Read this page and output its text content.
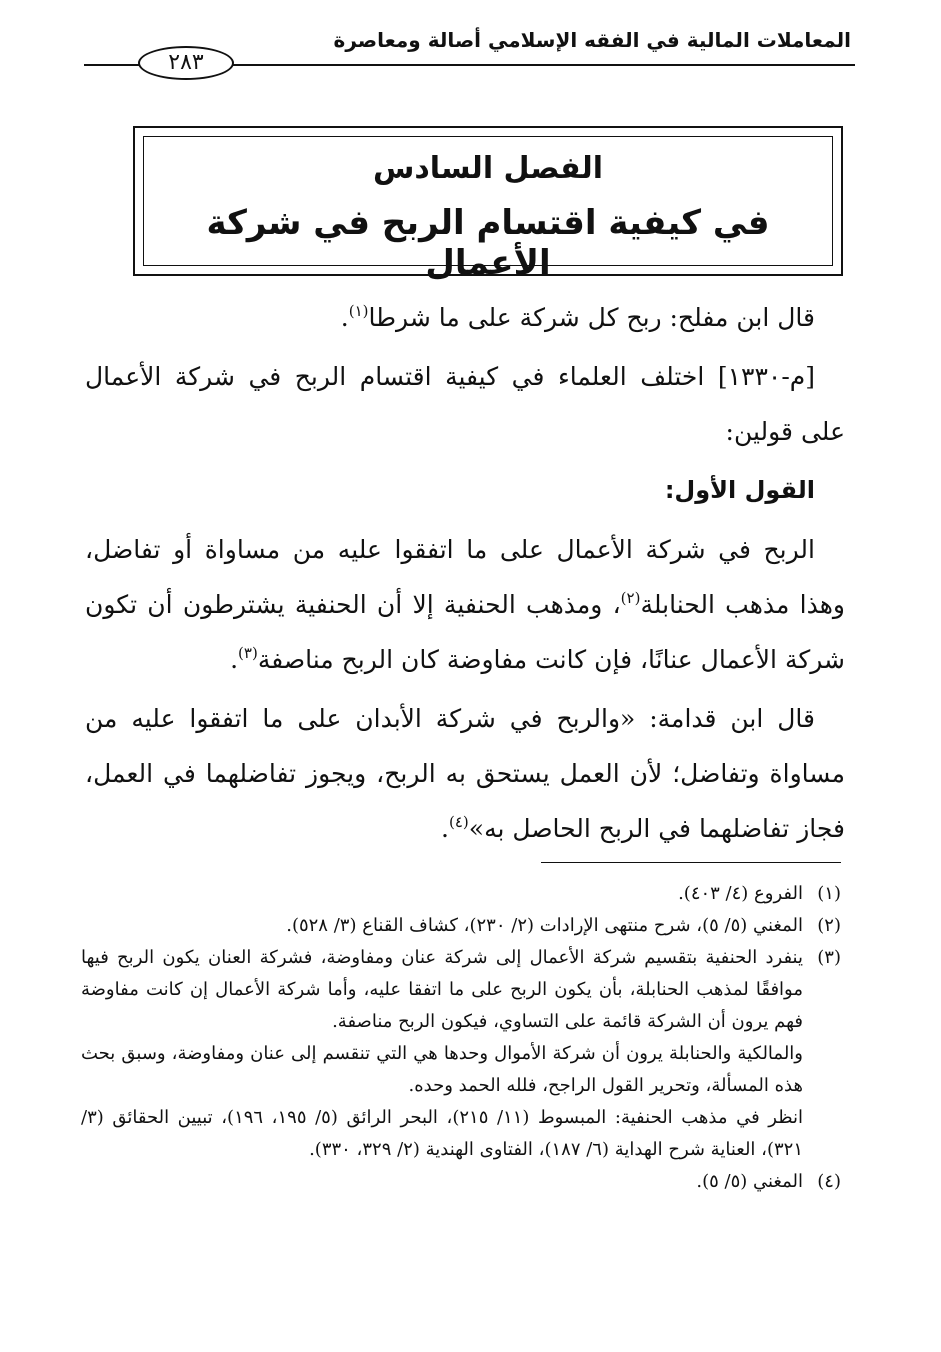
المعاملات المالية في الفقه الإسلامي أصالة ومعاصرة
٢٨٣
الفصل السادس
في كيفية اقتسام الربح في شركة الأعمال

قال ابن مفلح: ربح كل شركة على ما شرطا$^{(١)}$.

[م-١٣٣٠] اختلف العلماء في كيفية اقتسام الربح في شركة الأعمال على قولين:

القول الأول:

الربح في شركة الأعمال على ما اتفقوا عليه من مساواة أو تفاضل، وهذا مذهب الحنابلة$^{(٢)}$، ومذهب الحنفية إلا أن الحنفية يشترطون أن تكون شركة الأعمال عنانًا، فإن كانت مفاوضة كان الربح مناصفة$^{(٣)}$.

قال ابن قدامة: «والربح في شركة الأبدان على ما اتفقوا عليه من مساواة وتفاضل؛ لأن العمل يستحق به الربح، ويجوز تفاضلهما في العمل، فجاز تفاضلهما في الربح الحاصل به»$^{(٤)}$.

(١)

الفروع (٤/ ٤٠٣).

(٢)

المغني (٥/ ٥)، شرح منتهى الإرادات (٢/ ٢٣٠)، كشاف القناع (٣/ ٥٢٨).

(٣)

ينفرد الحنفية بتقسيم شركة الأعمال إلى شركة عنان ومفاوضة، فشركة العنان يكون الربح فيها موافقًا لمذهب الحنابلة، بأن يكون الربح على ما اتفقا عليه، وأما شركة الأعمال إن كانت مفاوضة فهم يرون أن الشركة قائمة على التساوي، فيكون الربح مناصفة.

والمالكية والحنابلة يرون أن شركة الأموال وحدها هي التي تنقسم إلى عنان ومفاوضة، وسبق بحث هذه المسألة، وتحرير القول الراجح، فلله الحمد وحده.

انظر في مذهب الحنفية: المبسوط (١١/ ٢١٥)، البحر الرائق (٥/ ١٩٥، ١٩٦)، تبيين الحقائق (٣/ ٣٢١)، العناية شرح الهداية (٦/ ١٨٧)، الفتاوى الهندية (٢/ ٣٢٩، ٣٣٠).

(٤)

المغني (٥/ ٥).
